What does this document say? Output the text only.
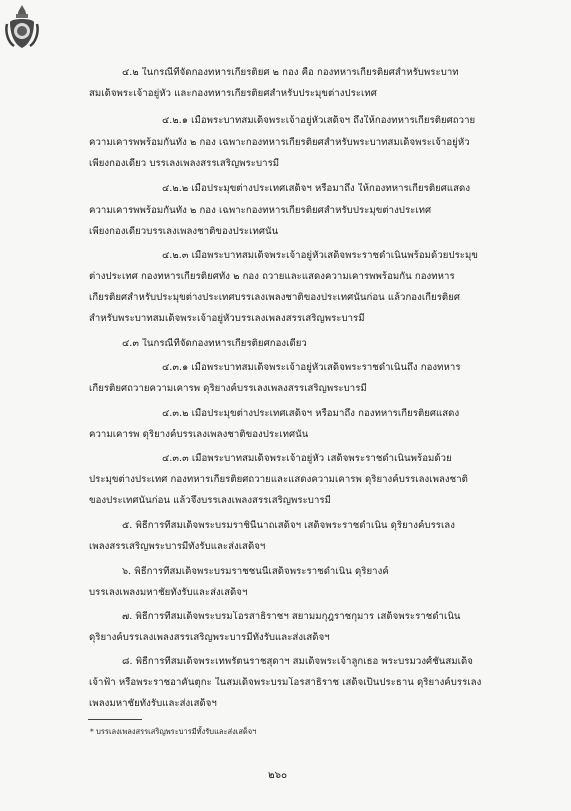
๔.๒ ในกรณีที่จัดกองทหารเกียรติยศ ๒ กอง คือ กองทหารเกียรติยศสำหรับพระบาท
สมเด็จพระเจ้าอยู่หัว และกองทหารเกียรติยศสำหรับประมุขต่างประเทศ
๔.๒.๑ เมื่อพระบาทสมเด็จพระเจ้าอยู่หัวเสด็จฯ ถึงให้กองทหารเกียรติยศถวาย
ความเคารพพร้อมกันทั้ง ๒ กอง เฉพาะกองทหารเกียรติยศสำหรับพระบาทสมเด็จพระเจ้าอยู่หัว
เพียงกองเดียว บรรเลงเพลงสรรเสริญพระบารมี
๔.๒.๒ เมื่อประมุขต่างประเทศเสด็จฯ หรือมาถึง ให้กองทหารเกียรติยศแสดง
ความเคารพพร้อมกันทั้ง ๒ กอง เฉพาะกองทหารเกียรติยศสำหรับประมุขต่างประเทศ
เพียงกองเดียวบรรเลงเพลงชาติของประเทศนั้น
๔.๒.๓ เมื่อพระบาทสมเด็จพระเจ้าอยู่หัวเสด็จพระราชดำเนินพร้อมด้วยประมุข
ต่างประเทศ กองทหารเกียรติยศทั้ง ๒ กอง ถวายและแสดงความเคารพพร้อมกัน กองทหาร
เกียรติยศสำหรับประมุขต่างประเทศบรรเลงเพลงชาติของประเทศนั้นก่อน แล้วกองเกียรติยศ
สำหรับพระบาทสมเด็จพระเจ้าอยู่หัวบรรเลงเพลงสรรเสริญพระบารมี
๔.๓ ในกรณีที่จัดกองทหารเกียรติยศกองเดียว
๔.๓.๑ เมื่อพระบาทสมเด็จพระเจ้าอยู่หัวเสด็จพระราชดำเนินถึง กองทหาร
เกียรติยศถวายความเคารพ ดุริยางค์บรรเลงเพลงสรรเสริญพระบารมี
๔.๓.๒ เมื่อประมุขต่างประเทศเสด็จฯ หรือมาถึง กองทหารเกียรติยศแสดง
ความเคารพ ดุริยางค์บรรเลงเพลงชาติของประเทศนั้น
๔.๓.๓ เมื่อพระบาทสมเด็จพระเจ้าอยู่หัว เสด็จพระราชดำเนินพร้อมด้วย
ประมุขต่างประเทศ กองทหารเกียรติยศถวายและแสดงความเคารพ ดุริยางค์บรรเลงเพลงชาติ
ของประเทศนั้นก่อน แล้วจึงบรรเลงเพลงสรรเสริญพระบารมี
๕. พิธีการที่สมเด็จพระบรมราชินีนาถเสด็จฯ เสด็จพระราชดำเนิน ดุริยางค์บรรเลง
เพลงสรรเสริญพระบารมีทั้งรับและส่งเสด็จฯ
๖. พิธีการที่สมเด็จพระบรมราชชนนีเสด็จพระราชดำเนิน ดุริยางค์
บรรเลงเพลงมหาชัยทั้งรับและส่งเสด็จฯ
๗. พิธีการที่สมเด็จพระบรมโอรสาธิราชฯ สยามมกุฎราชกุมาร เสด็จพระราชดำเนิน
ดุริยางค์บรรเลงเพลงสรรเสริญพระบารมีทั้งรับและส่งเสด็จฯ
๘. พิธีการที่สมเด็จพระเทพรัตนราชสุดาฯ สมเด็จพระเจ้าลูกเธอ พระบรมวงศ์ชั้นสมเด็จ
เจ้าฟ้า หรือพระราชอาคันตุกะ ในสมเด็จพระบรมโอรสาธิราช เสด็จเป็นประธาน ดุริยางค์บรรเลง
เพลงมหาชัยทั้งรับและส่งเสด็จฯ
* บรรเลงเพลงสรรเสริญพระบารมีทั้งรับและส่งเสด็จฯ
๒๖๐
